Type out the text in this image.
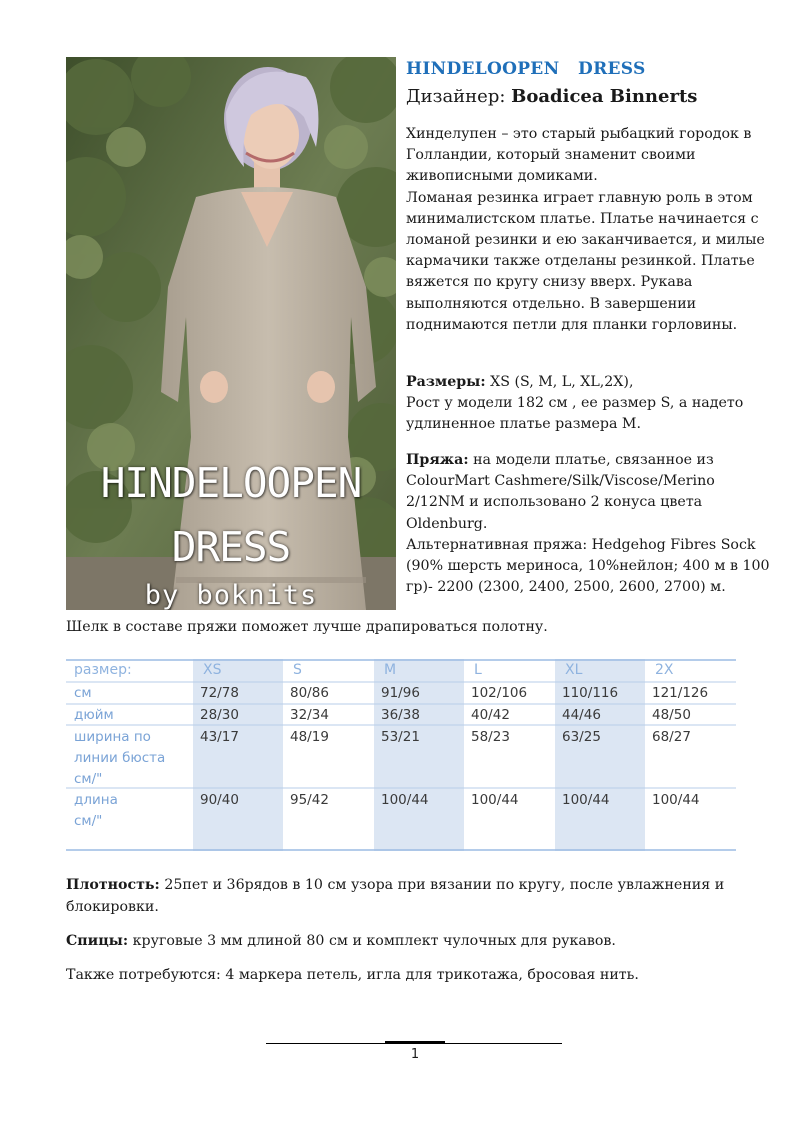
HINDELOOPEN
DRESS
by boknits
HINDELOOPEN   DRESS
Дизайнер: Boadicea Binnerts

Хинделупен – это старый рыбацкий городок в Голландии, который знаменит своими живописными домиками.

Ломаная резинка играет главную роль в этом минималистском платье. Платье начинается с ломаной резинки и ею заканчивается, и милые кармачики также отделаны резинкой. Платье вяжется по кругу снизу вверх. Рукава выполняются отдельно. В завершении поднимаются петли для планки горловины.

Размеры: XS (S, M, L, XL,2X),

Рост у модели 182 см , ее размер S, а надето удлиненное платье размера М.

Пряжа: на модели платье, связанное из ColourMart Cashmere/Silk/Viscose/Merino 2/12NM и использовано 2 конуса цвета Oldenburg.

Альтернативная пряжа: Hedgehog Fibres Sock (90% шерсть мериноса, 10%нейлон; 400 м в 100 гр)- 2200 (2300, 2400, 2500, 2600, 2700) м.

Шелк в составе пряжи поможет лучше драпироваться полотну.
размер:	XS	S	M	L	XL	2X
см	72/78	80/86	91/96	102/106	110/116	121/126
дюйм	28/30	32/34	36/38	40/42	44/46	48/50
ширина по
линии бюста
см/"
43/17	48/19	53/21	58/23	63/25	68/27
длина
см/"
90/40	95/42	100/44	100/44	100/44	100/44

Плотность: 25пет и 36рядов в 10 см узора при вязании по кругу, после увлажнения и блокировки.

Спицы: круговые 3 мм длиной 80 см и комплект чулочных для рукавов.

Также потребуются: 4 маркера петель, игла для трикотажа, бросовая нить.

1
